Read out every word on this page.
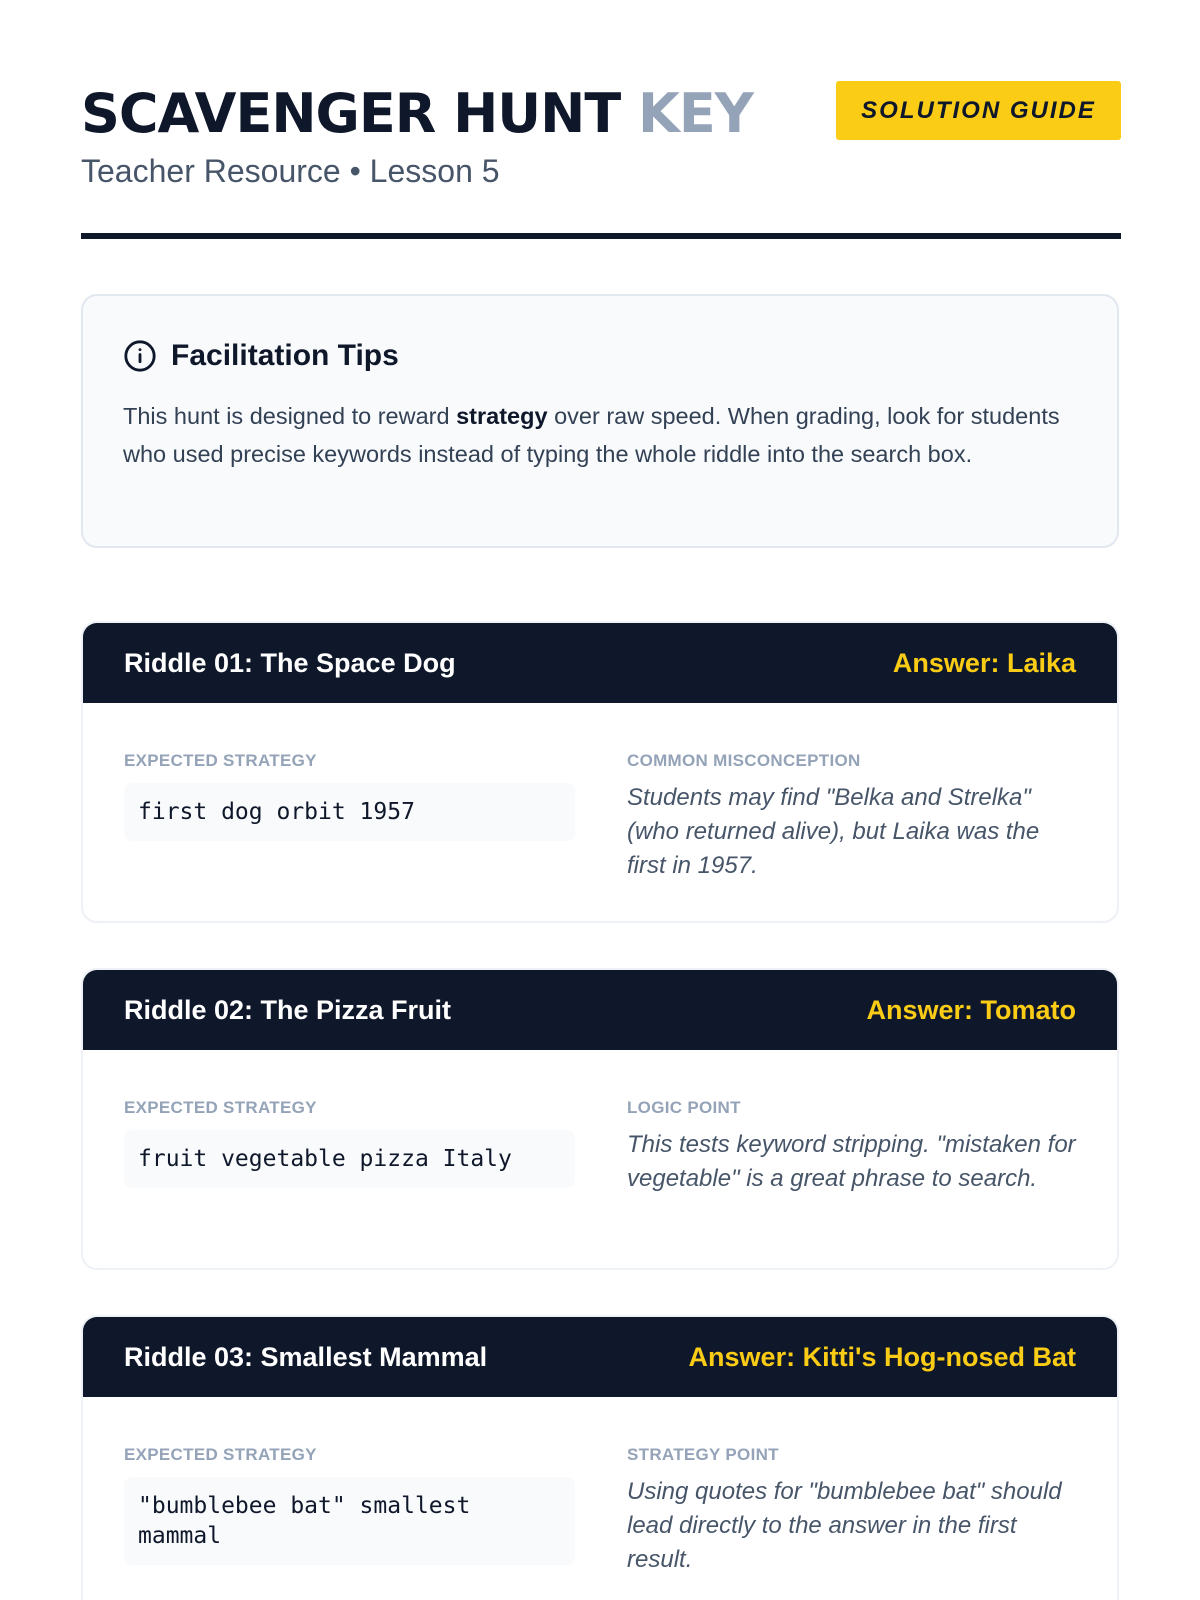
SCAVENGER HUNT KEY
Teacher Resource • Lesson 5
SOLUTION GUIDE
Facilitation Tips

This hunt is designed to reward strategy over raw speed. When grading, look for students who used precise keywords instead of typing the whole riddle into the search box.

Riddle 01: The Space Dog	Answer: Laika
EXPECTED STRATEGY
first dog orbit 1957
COMMON MISCONCEPTION

Students may find "Belka and Strelka" (who returned alive), but Laika was the first in 1957.

Riddle 02: The Pizza Fruit	Answer: Tomato
EXPECTED STRATEGY
fruit vegetable pizza Italy
LOGIC POINT

This tests keyword stripping. "mistaken for vegetable" is a great phrase to search.

Riddle 03: Smallest Mammal	Answer: Kitti's Hog-nosed Bat
EXPECTED STRATEGY
"bumblebee bat" smallest mammal
STRATEGY POINT

Using quotes for "bumblebee bat" should lead directly to the answer in the first result.
